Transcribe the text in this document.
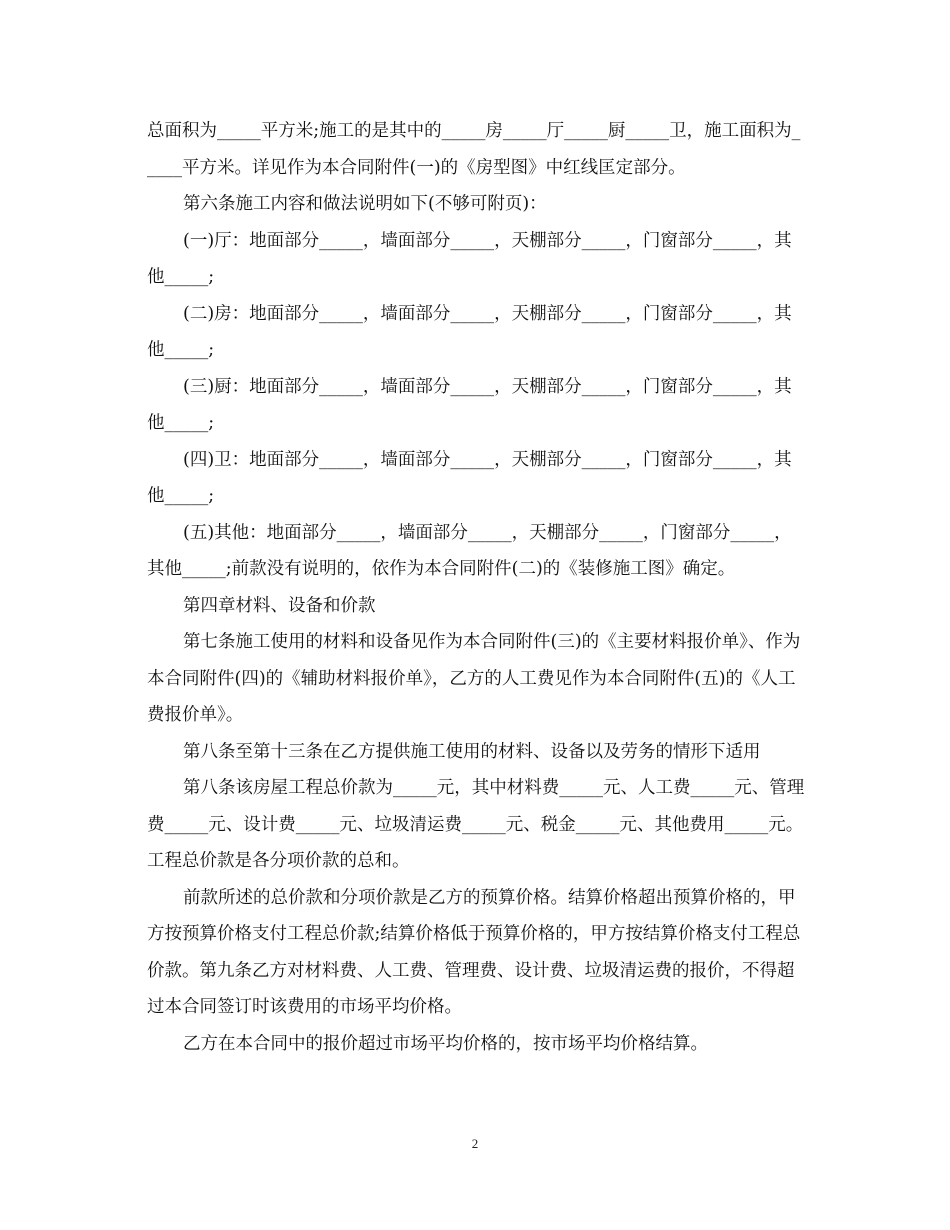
总面积为_____平方米;施工的是其中的_____房_____厅_____厨_____卫，施工面积为_____平方米。详见作为本合同附件(一)的《房型图》中红线匡定部分。

第六条施工内容和做法说明如下(不够可附页)：

(一)厅：地面部分_____，墙面部分_____，天棚部分_____，门窗部分_____，其他_____;

(二)房：地面部分_____，墙面部分_____，天棚部分_____，门窗部分_____，其他_____;

(三)厨：地面部分_____，墙面部分_____，天棚部分_____，门窗部分_____，其他_____;

(四)卫：地面部分_____，墙面部分_____，天棚部分_____，门窗部分_____，其他_____;

(五)其他：地面部分_____，墙面部分_____，天棚部分_____，门窗部分_____，其他_____;前款没有说明的，依作为本合同附件(二)的《装修施工图》确定。

第四章材料、设备和价款

第七条施工使用的材料和设备见作为本合同附件(三)的《主要材料报价单》、作为本合同附件(四)的《辅助材料报价单》，乙方的人工费见作为本合同附件(五)的《人工费报价单》。

第八条至第十三条在乙方提供施工使用的材料、设备以及劳务的情形下适用

第八条该房屋工程总价款为_____元，其中材料费_____元、人工费_____元、管理费_____元、设计费_____元、垃圾清运费_____元、税金_____元、其他费用_____元。工程总价款是各分项价款的总和。

前款所述的总价款和分项价款是乙方的预算价格。结算价格超出预算价格的，甲方按预算价格支付工程总价款;结算价格低于预算价格的，甲方按结算价格支付工程总价款。第九条乙方对材料费、人工费、管理费、设计费、垃圾清运费的报价，不得超过本合同签订时该费用的市场平均价格。

乙方在本合同中的报价超过市场平均价格的，按市场平均价格结算。

2
